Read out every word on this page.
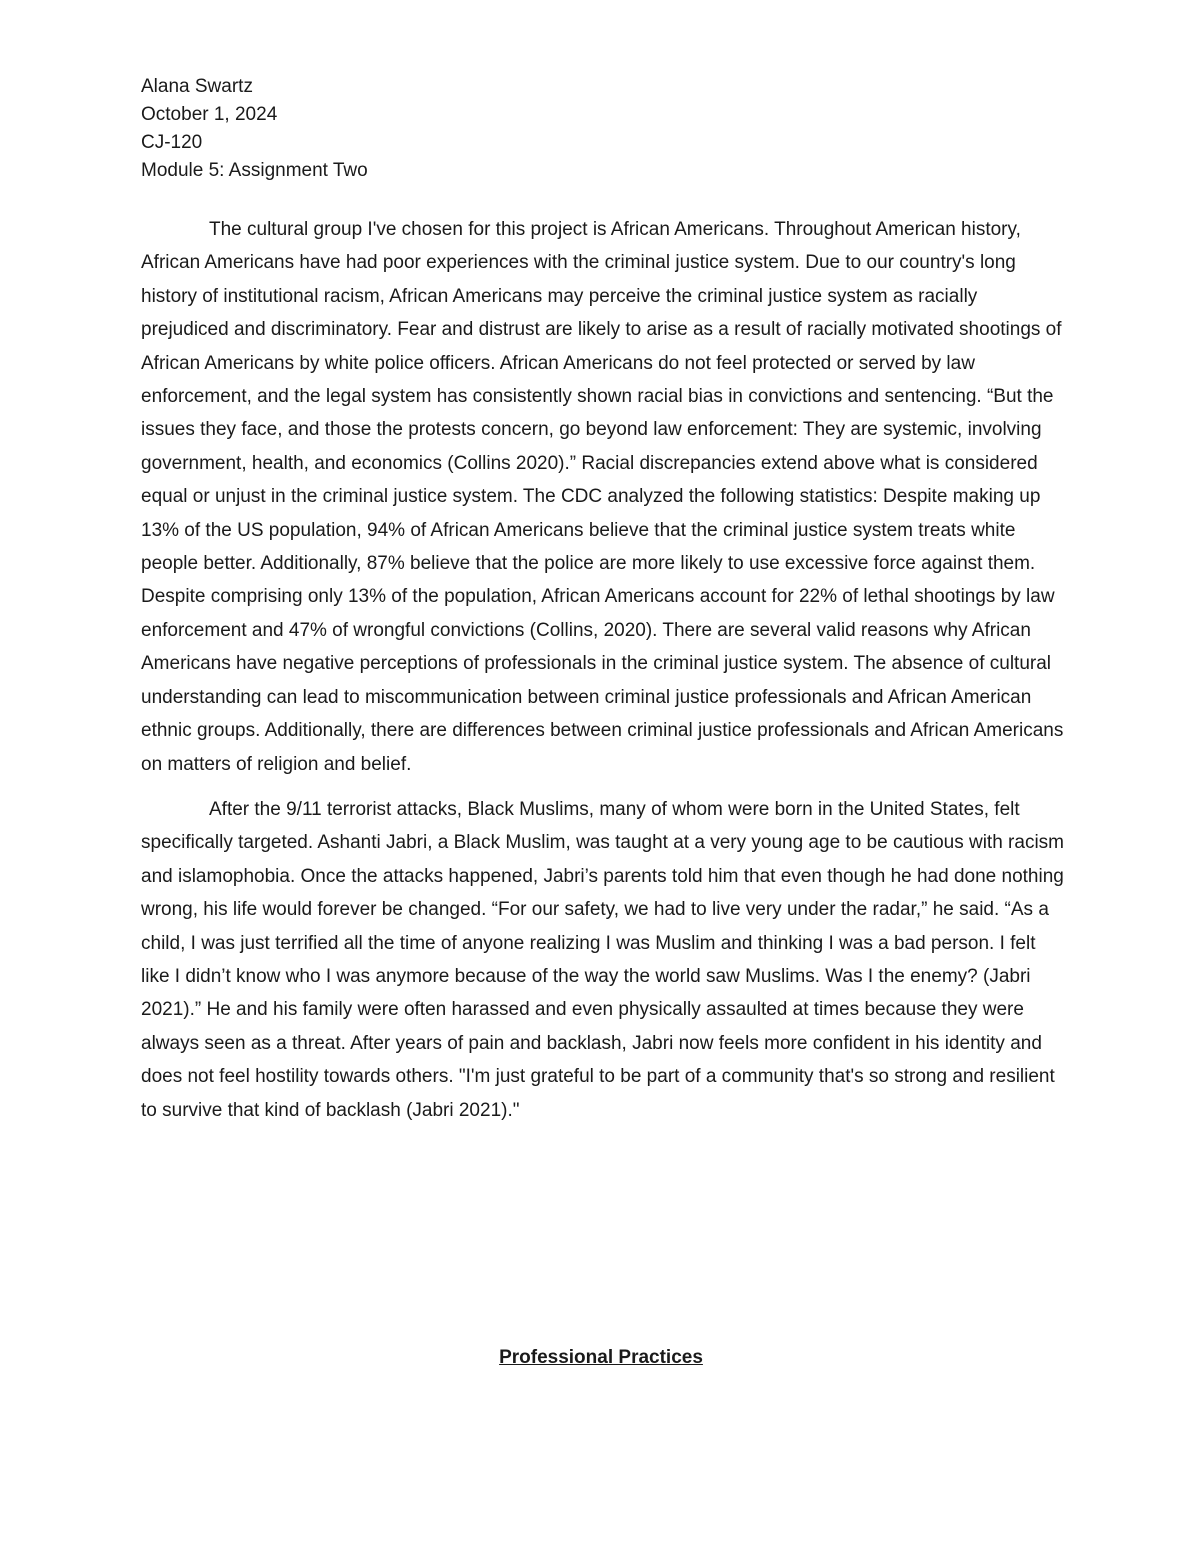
Alana Swartz
October 1, 2024
CJ-120
Module 5: Assignment Two

The cultural group I've chosen for this project is African Americans. Throughout American history, African Americans have had poor experiences with the criminal justice system. Due to our country's long history of institutional racism, African Americans may perceive the criminal justice system as racially prejudiced and discriminatory. Fear and distrust are likely to arise as a result of racially motivated shootings of African Americans by white police officers. African Americans do not feel protected or served by law enforcement, and the legal system has consistently shown racial bias in convictions and sentencing. “But the issues they face, and those the protests concern, go beyond law enforcement: They are systemic, involving government, health, and economics (Collins 2020).” Racial discrepancies extend above what is considered equal or unjust in the criminal justice system. The CDC analyzed the following statistics: Despite making up 13% of the US population, 94% of African Americans believe that the criminal justice system treats white people better. Additionally, 87% believe that the police are more likely to use excessive force against them. Despite comprising only 13% of the population, African Americans account for 22% of lethal shootings by law enforcement and 47% of wrongful convictions (Collins, 2020). There are several valid reasons why African Americans have negative perceptions of professionals in the criminal justice system. The absence of cultural understanding can lead to miscommunication between criminal justice professionals and African American ethnic groups. Additionally, there are differences between criminal justice professionals and African Americans on matters of religion and belief.

After the 9/11 terrorist attacks, Black Muslims, many of whom were born in the United States, felt specifically targeted. Ashanti Jabri, a Black Muslim, was taught at a very young age to be cautious with racism and islamophobia. Once the attacks happened, Jabri’s parents told him that even though he had done nothing wrong, his life would forever be changed. “For our safety, we had to live very under the radar,” he said. “As a child, I was just terrified all the time of anyone realizing I was Muslim and thinking I was a bad person. I felt like I didn’t know who I was anymore because of the way the world saw Muslims. Was I the enemy? (Jabri 2021).” He and his family were often harassed and even physically assaulted at times because they were always seen as a threat. After years of pain and backlash, Jabri now feels more confident in his identity and does not feel hostility towards others. "I'm just grateful to be part of a community that's so strong and resilient to survive that kind of backlash (Jabri 2021)."

Professional Practices
